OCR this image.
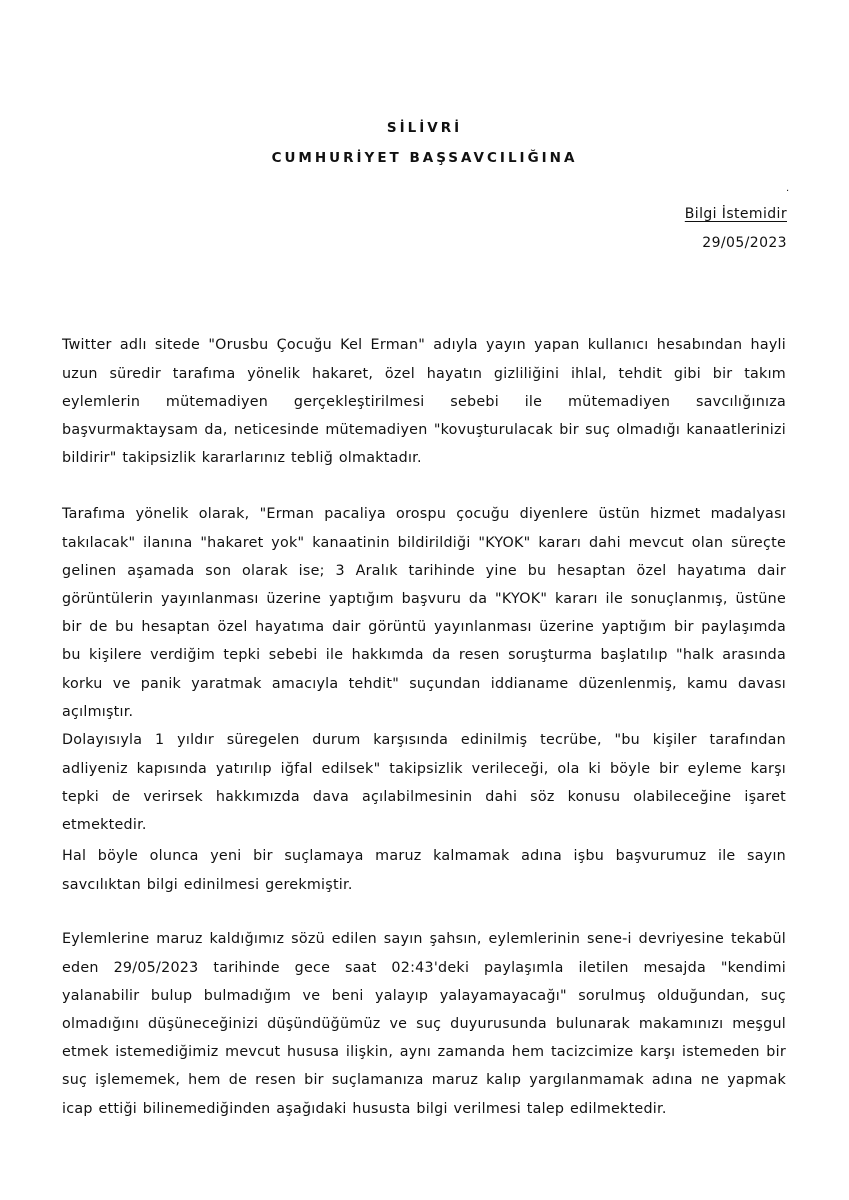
SİLİVRİ
CUMHURİYET BAŞSAVCILIĞINA
.
Bilgi İstemidir
29/05/2023

Twitter adlı sitede "Orusbu Çocuğu Kel Erman" adıyla yayın yapan kullanıcı hesabından hayli uzun süredir tarafıma yönelik hakaret, özel hayatın gizliliğini ihlal, tehdit gibi bir takım eylemlerin mütemadiyen gerçekleştirilmesi sebebi ile mütemadiyen savcılığınıza başvurmaktaysam da, neticesinde mütemadiyen "kovuşturulacak bir suç olmadığı kanaatlerinizi bildirir" takipsizlik kararlarınız tebliğ olmaktadır.

Tarafıma yönelik olarak, "Erman pacaliya orospu çocuğu diyenlere üstün hizmet madalyası takılacak" ilanına "hakaret yok" kanaatinin bildirildiği "KYOK" kararı dahi mevcut olan süreçte gelinen aşamada son olarak ise; 3 Aralık tarihinde yine bu hesaptan özel hayatıma dair görüntülerin yayınlanması üzerine yaptığım başvuru da "KYOK" kararı ile sonuçlanmış, üstüne bir de bu hesaptan özel hayatıma dair görüntü yayınlanması üzerine yaptığım bir paylaşımda bu kişilere verdiğim tepki sebebi ile hakkımda da resen soruşturma başlatılıp "halk arasında korku ve panik yaratmak amacıyla tehdit" suçundan iddianame düzenlenmiş, kamu davası açılmıştır.

Dolayısıyla 1 yıldır süregelen durum karşısında edinilmiş tecrübe, "bu kişiler tarafından adliyeniz kapısında yatırılıp iğfal edilsek" takipsizlik verileceği, ola ki böyle bir eyleme karşı tepki de verirsek hakkımızda dava açılabilmesinin dahi söz konusu olabileceğine işaret etmektedir.

Hal böyle olunca yeni bir suçlamaya maruz kalmamak adına işbu başvurumuz ile sayın savcılıktan bilgi edinilmesi gerekmiştir.

Eylemlerine maruz kaldığımız sözü edilen sayın şahsın, eylemlerinin sene-i devriyesine tekabül eden 29/05/2023 tarihinde gece saat 02:43'deki paylaşımla iletilen mesajda "kendimi yalanabilir bulup bulmadığım ve beni yalayıp yalayamayacağı" sorulmuş olduğundan, suç olmadığını düşüneceğinizi düşündüğümüz ve suç duyurusunda bulunarak makamınızı meşgul etmek istemediğimiz mevcut hususa ilişkin, aynı zamanda hem tacizcimize karşı istemeden bir suç işlememek, hem de resen bir suçlamanıza maruz kalıp yargılanmamak adına ne yapmak icap ettiği bilinemediğinden aşağıdaki hususta bilgi verilmesi talep edilmektedir.
